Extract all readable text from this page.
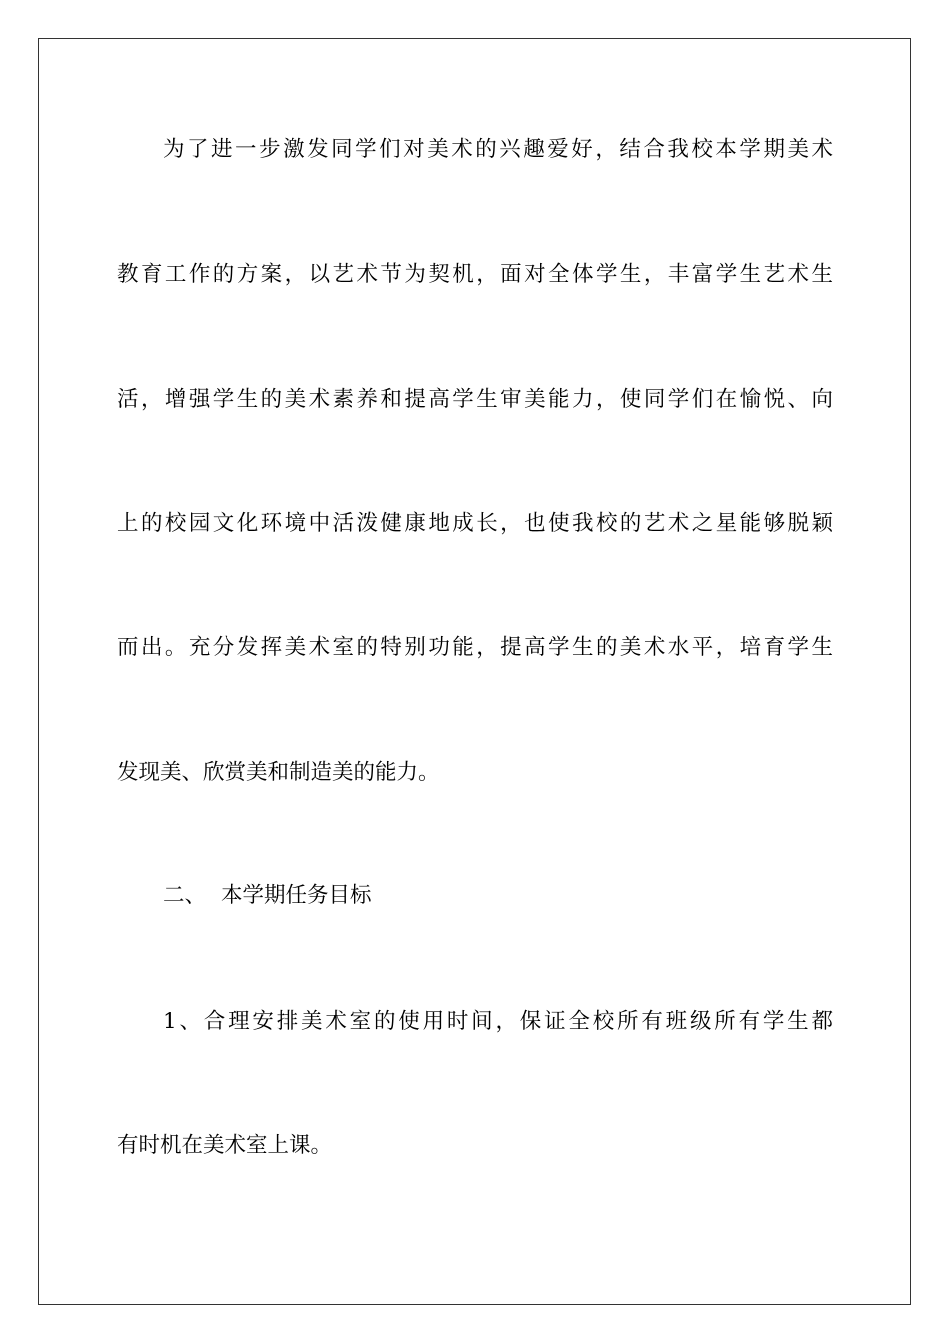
为了进一步激发同学们对美术的兴趣爱好，结合我校本学期美术
教育工作的方案，以艺术节为契机，面对全体学生，丰富学生艺术生
活，增强学生的美术素养和提高学生审美能力，使同学们在愉悦、向
上的校园文化环境中活泼健康地成长，也使我校的艺术之星能够脱颖
而出。充分发挥美术室的特别功能，提高学生的美术水平，培育学生
发现美、欣赏美和制造美的能力。
二、 本学期任务目标
1、合理安排美术室的使用时间，保证全校所有班级所有学生都
有时机在美术室上课。
